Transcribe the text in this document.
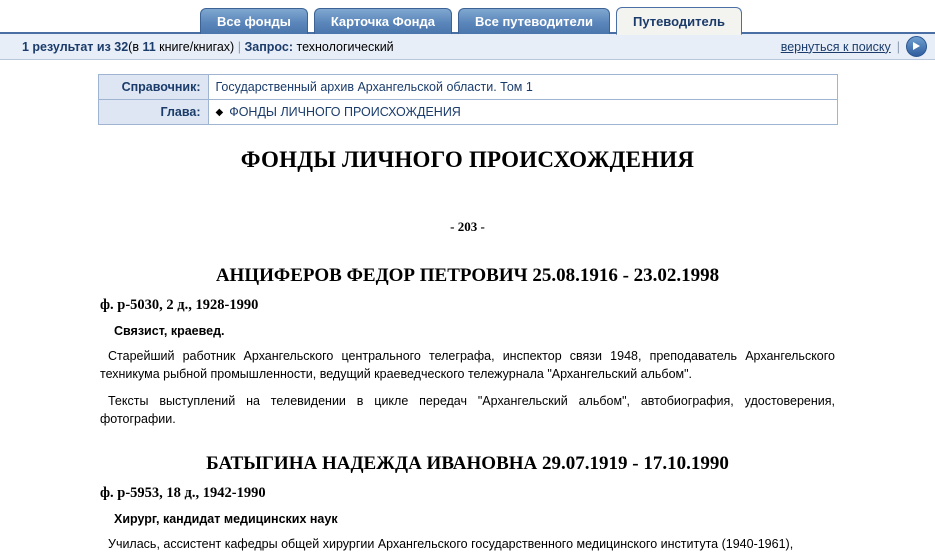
Все фонды	Карточка Фонда	Все путеводители	Путеводитель
1 результат из 32(в 11 книге/книгах) | Запрос: технологический	вернуться к поиску |
Справочник:	Государственный архив Архангельской области. Том 1
Глава:	◆ ФОНДЫ ЛИЧНОГО ПРОИСХОЖДЕНИЯ
ФОНДЫ ЛИЧНОГО ПРОИСХОЖДЕНИЯ
- 203 -
АНЦИФЕРОВ ФЕДОР ПЕТРОВИЧ 25.08.1916 - 23.02.1998
ф. р-5030, 2 д., 1928-1990
Связист, краевед.
Старейший работник Архангельского центрального телеграфа, инспектор связи 1948, преподаватель Архангельского техникума рыбной промышленности, ведущий краеведческого тележурнала "Архангельский альбом".
Тексты выступлений на телевидении в цикле передач "Архангельский альбом", автобиография, удостоверения, фотографии.
БАТЫГИНА НАДЕЖДА ИВАНОВНА 29.07.1919 - 17.10.1990
ф. р-5953, 18 д., 1942-1990
Хирург, кандидат медицинских наук
Училась, ассистент кафедры общей хирургии Архангельского государственного медицинского института (1940-1961),
